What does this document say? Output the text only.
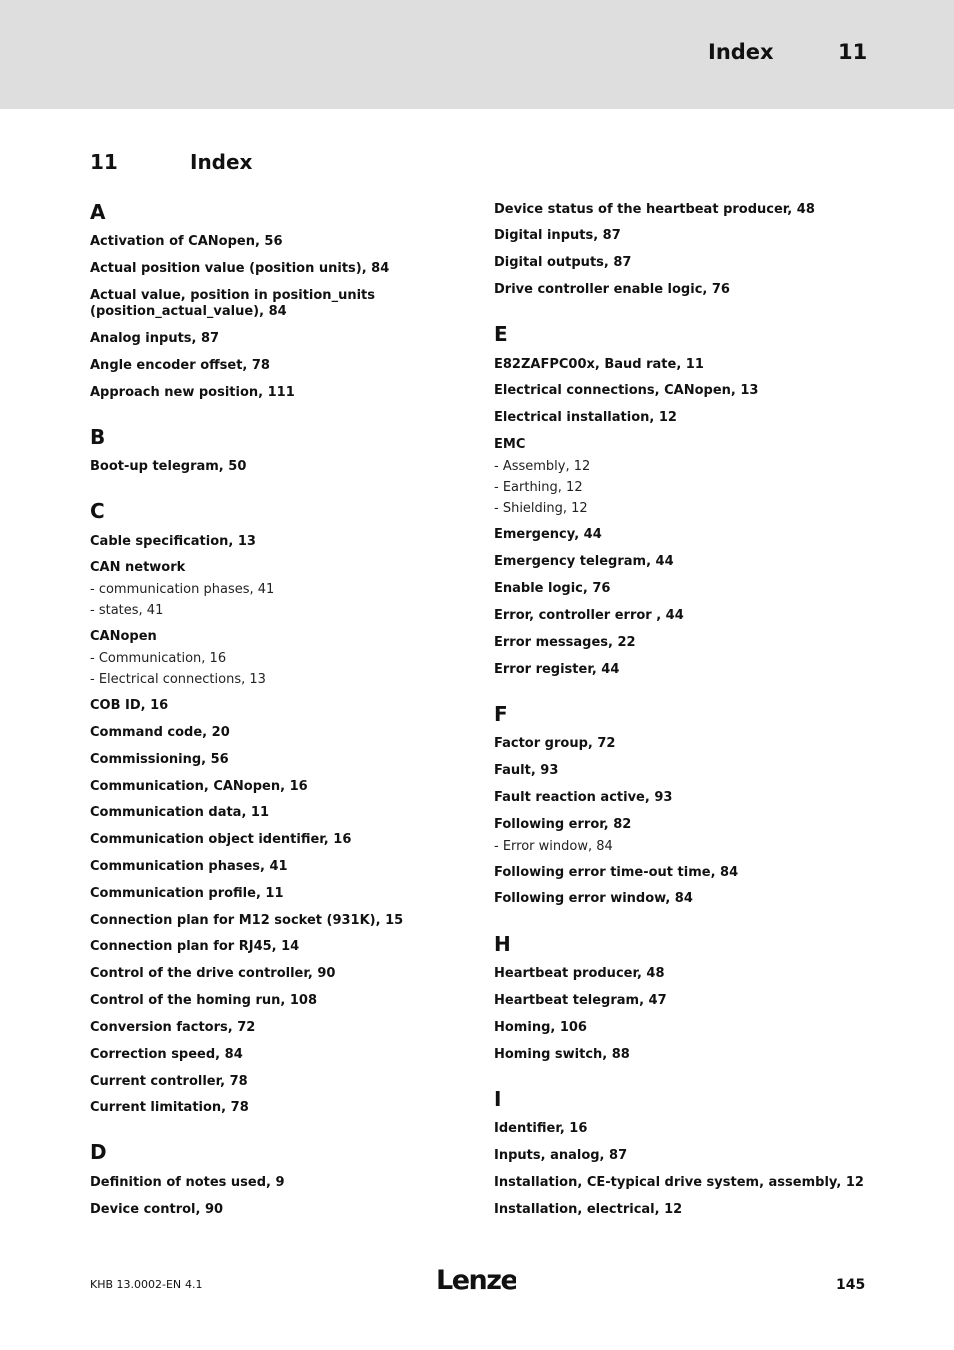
Index	11
11	Index
A
Activation of CANopen, 56
Actual position value (position units), 84
Actual value, position in position_units (position_actual_value), 84
Analog inputs, 87
Angle encoder offset, 78
Approach new position, 111
B
Boot-up telegram, 50
C
Cable specification, 13
CAN network
- communication phases, 41
- states, 41
CANopen
- Communication, 16
- Electrical connections, 13
COB ID, 16
Command code, 20
Commissioning, 56
Communication, CANopen, 16
Communication data, 11
Communication object identifier, 16
Communication phases, 41
Communication profile, 11
Connection plan for M12 socket (931K), 15
Connection plan for RJ45, 14
Control of the drive controller, 90
Control of the homing run, 108
Conversion factors, 72
Correction speed, 84
Current controller, 78
Current limitation, 78
D
Definition of notes used, 9
Device control, 90
Device status of the heartbeat producer, 48
Digital inputs, 87
Digital outputs, 87
Drive controller enable logic, 76
E
E82ZAFPC00x, Baud rate, 11
Electrical connections, CANopen, 13
Electrical installation, 12
EMC
- Assembly, 12
- Earthing, 12
- Shielding, 12
Emergency, 44
Emergency telegram, 44
Enable logic, 76
Error, controller error , 44
Error messages, 22
Error register, 44
F
Factor group, 72
Fault, 93
Fault reaction active, 93
Following error, 82
- Error window, 84
Following error time-out time, 84
Following error window, 84
H
Heartbeat producer, 48
Heartbeat telegram, 47
Homing, 106
Homing switch, 88
I
Identifier, 16
Inputs, analog, 87
Installation, CE-typical drive system, assembly, 12
Installation, electrical, 12
KHB 13.0002-EN 4.1	Lenze	145
